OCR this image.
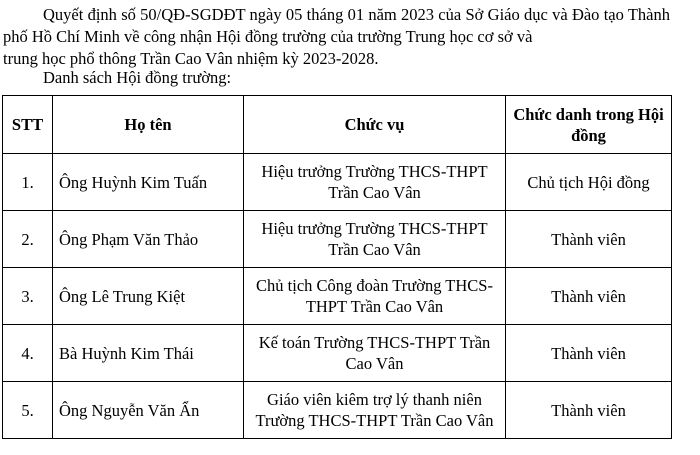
Quyết định số 50/QĐ-SGDĐT ngày 05 tháng 01 năm 2023 của Sở Giáo dục và Đào tạo Thành phố Hồ Chí Minh về công nhận Hội đồng trường của trường Trung học cơ sở và

trung học phổ thông Trần Cao Vân nhiệm kỳ 2023-2028.
Danh sách Hội đồng trường:
STT	Họ tên	Chức vụ	Chức danh trong Hội đồng
1.	Ông Huỳnh Kim Tuấn	Hiệu trưởng Trường THCS-THPT Trần Cao Vân	Chủ tịch Hội đồng
2.	Ông Phạm Văn Thảo	Hiệu trưởng Trường THCS-THPT Trần Cao Vân	Thành viên
3.	Ông Lê Trung Kiệt	Chủ tịch Công đoàn Trường THCS-THPT Trần Cao Vân	Thành viên
4.	Bà Huỳnh Kim Thái	Kế toán Trường THCS-THPT Trần Cao Vân	Thành viên
5.	Ông Nguyễn Văn Ẩn	Giáo viên kiêm trợ lý thanh niên Trường THCS-THPT Trần Cao Vân	Thành viên
